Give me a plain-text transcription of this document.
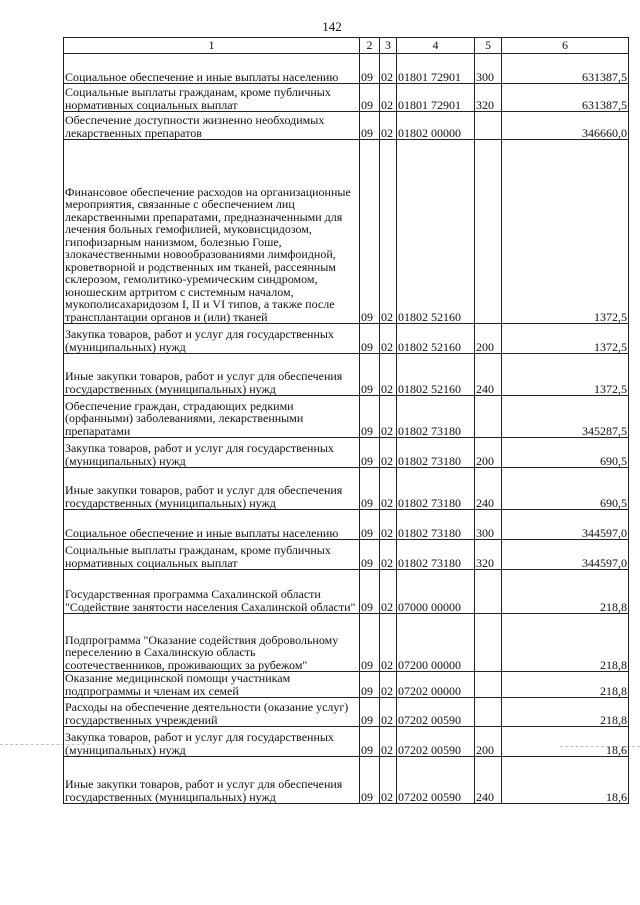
142
1	2	3	4	5	6
Социальное обеспечение и иные выплаты населению	09	02	01801 72901	300	631387,5
Социальные выплаты гражданам, кроме публичных нормативных социальных выплат	09	02	01801 72901	320	631387,5
Обеспечение доступности жизненно необходимых лекарственных препаратов	09	02	01802 00000		346660,0
Финансовое обеспечение расходов на организационные мероприятия, связанные с обеспечением лиц лекарственными препаратами, предназначенными для лечения больных гемофилией, муковисцидозом, гипофизарным нанизмом, болезнью Гоше, злокачественными новообразованиями лимфоидной, кроветворной и родственных им тканей, рассеянным склерозом, гемолитико-уремическим синдромом, юношеским артритом с системным началом, мукополисахаридозом I, II и VI типов, а также после трансплантации органов и (или) тканей	09	02	01802 52160		1372,5
Закупка товаров, работ и услуг для государственных (муниципальных) нужд	09	02	01802 52160	200	1372,5
Иные закупки товаров, работ и услуг для обеспечения государственных (муниципальных) нужд	09	02	01802 52160	240	1372,5
Обеспечение граждан, страдающих редкими (орфанными) заболеваниями, лекарственными препаратами	09	02	01802 73180		345287,5
Закупка товаров, работ и услуг для государственных (муниципальных) нужд	09	02	01802 73180	200	690,5
Иные закупки товаров, работ и услуг для обеспечения государственных (муниципальных) нужд	09	02	01802 73180	240	690,5
Социальное обеспечение и иные выплаты населению	09	02	01802 73180	300	344597,0
Социальные выплаты гражданам, кроме публичных нормативных социальных выплат	09	02	01802 73180	320	344597,0
Государственная программа Сахалинской области "Содействие занятости населения Сахалинской области"	09	02	07000 00000		218,8
Подпрограмма "Оказание содействия добровольному переселению в Сахалинскую область соотечественников, проживающих за рубежом"	09	02	07200 00000		218,8
Оказание медицинской помощи участникам подпрограммы и членам их семей	09	02	07202 00000		218,8
Расходы на обеспечение деятельности (оказание услуг) государственных учреждений	09	02	07202 00590		218,8
Закупка товаров, работ и услуг для государственных (муниципальных) нужд	09	02	07202 00590	200	18,6
Иные закупки товаров, работ и услуг для обеспечения государственных (муниципальных) нужд	09	02	07202 00590	240	18,6
